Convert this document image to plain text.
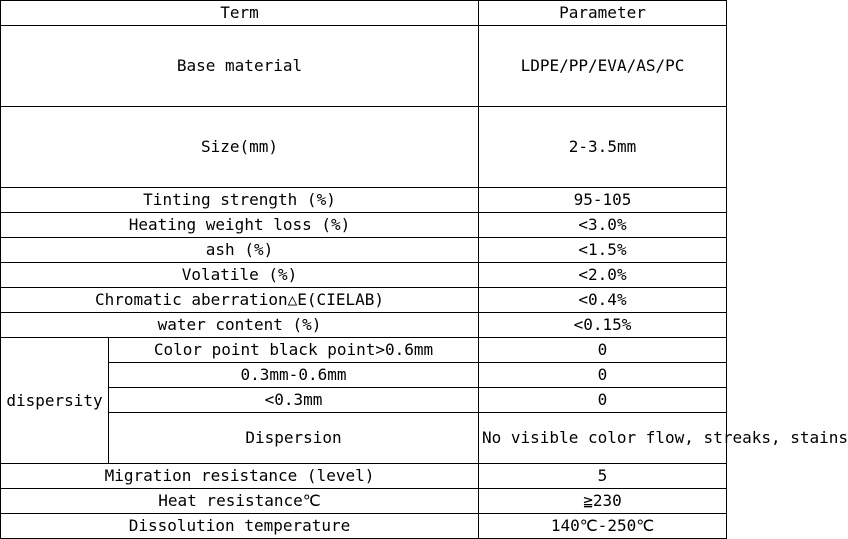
Term		Parameter
Base material		LDPE/PP/EVA/AS/PC
Size(mm)		2-3.5mm
Tinting strength (%)		95-105
Heating weight loss (%)		<3.0%
ash (%)		<1.5%
Volatile (%)		<2.0%
Chromatic aberration△E(CIELAB)		<0.4%
water content (%)		<0.15%
dispersity	Color point black point>0.6mm	0
	0.3mm-0.6mm	0
	<0.3mm	0
	Dispersion	No visible color flow, streaks, stains
Migration resistance (level)		5
Heat resistance℃		≧230
Dissolution temperature		140℃-250℃
